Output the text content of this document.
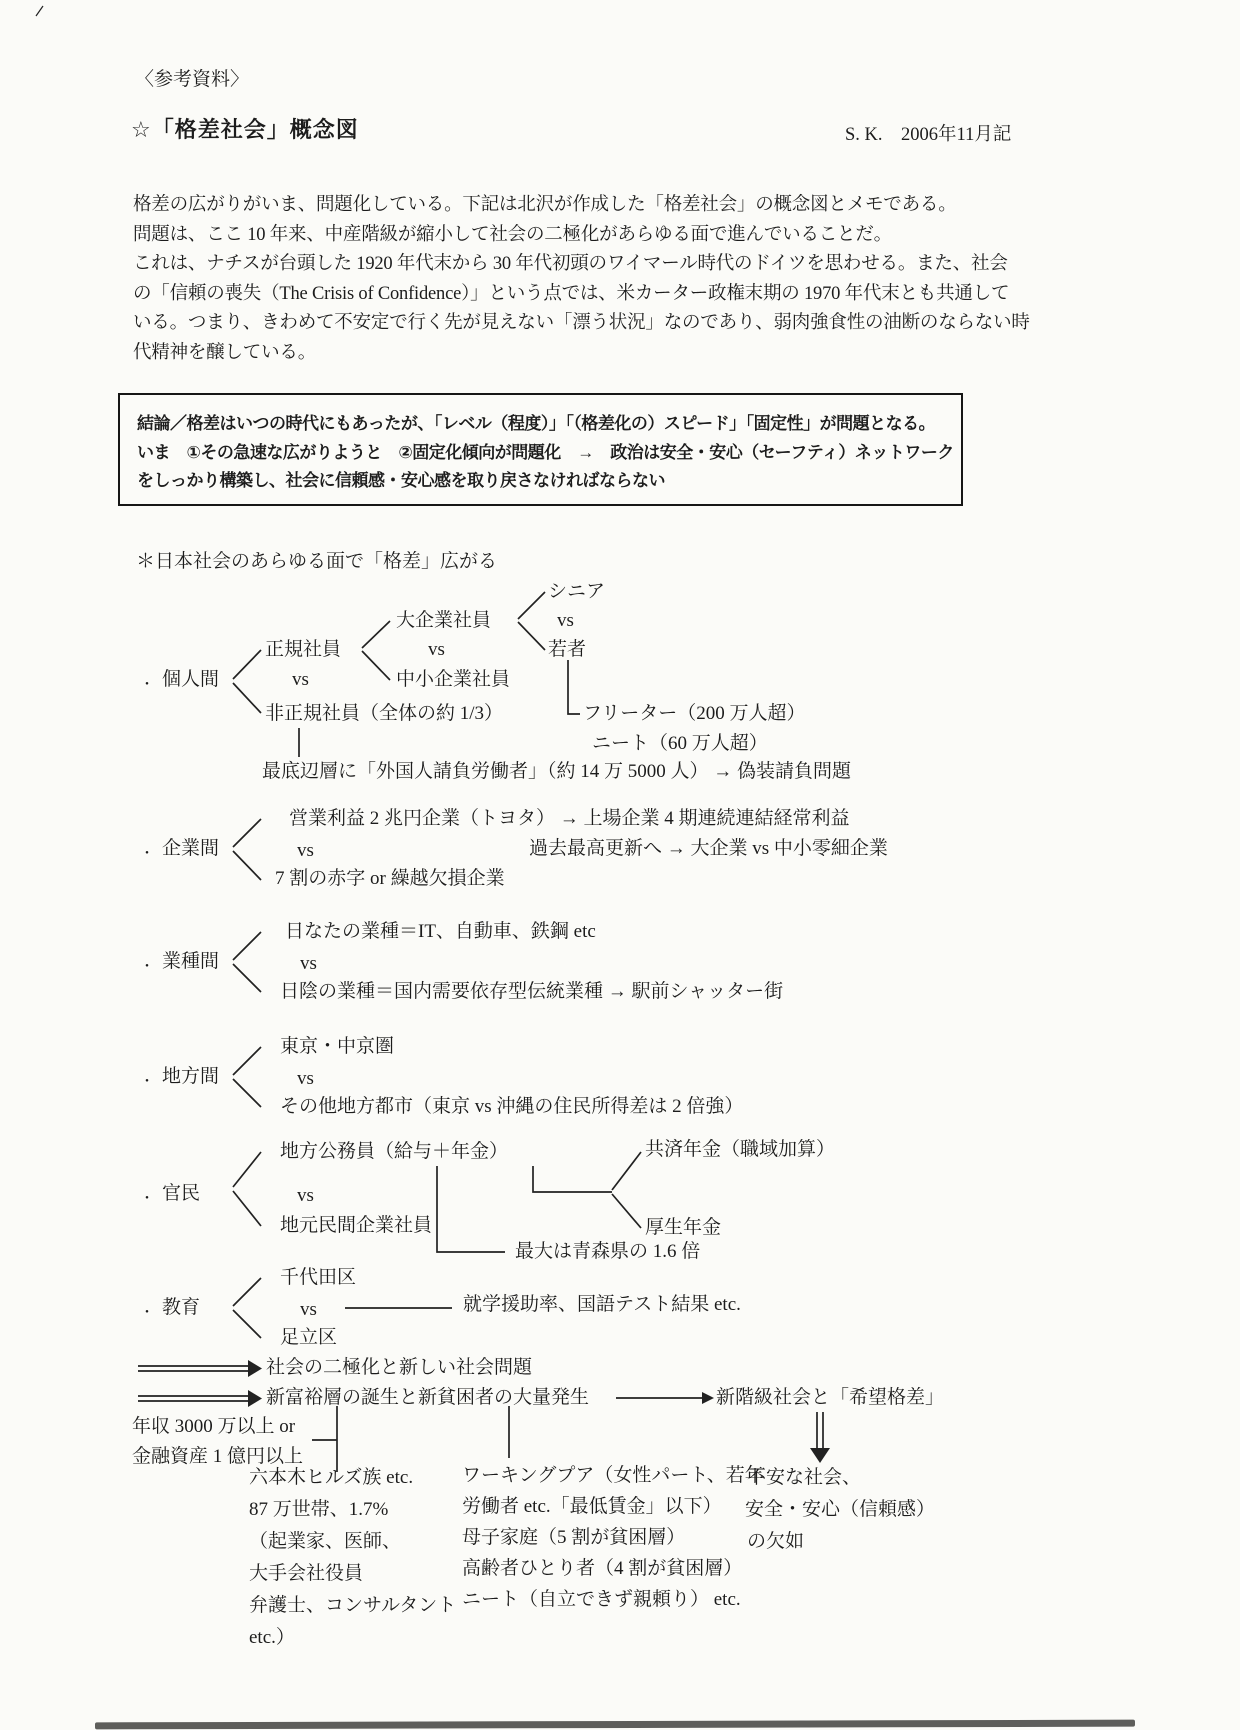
〈参考資料〉
☆「格差社会」概念図	S. K.　2006年11月記
格差の広がりがいま、問題化している。下記は北沢が作成した「格差社会」の概念図とメモである。
問題は、ここ 10 年来、中産階級が縮小して社会の二極化があらゆる面で進んでいることだ。
これは、ナチスが台頭した 1920 年代末から 30 年代初頭のワイマール時代のドイツを思わせる。また、社会
の「信頼の喪失（The Crisis of Confidence）」という点では、米カーター政権末期の 1970 年代末とも共通して
いる。つまり、きわめて不安定で行く先が見えない「漂う状況」なのであり、弱肉強食性の油断のならない時
代精神を醸している。
結論／格差はいつの時代にもあったが、「レベル（程度）」「（格差化の）スピード」「固定性」が問題となる。
いま　①その急速な広がりようと　②固定化傾向が問題化　→　政治は安全・安心（セーフティ）ネットワーク
をしっかり構築し、社会に信頼感・安心感を取り戻さなければならない
＊日本社会のあらゆる面で「格差」広がる
シニア
vs
若者
大企業社員
vs
中小企業社員
正規社員
vs
非正規社員（全体の約 1/3）
・ 個人間
フリーター（200 万人超）
ニート（60 万人超）
最底辺層に「外国人請負労働者」（約 14 万 5000 人） → 偽装請負問題
営業利益 2 兆円企業（トヨタ） → 上場企業 4 期連続連結経常利益
過去最高更新へ → 大企業 vs 中小零細企業
・ 企業間	vs
7 割の赤字 or 繰越欠損企業
日なたの業種＝IT、自動車、鉄鋼 etc
・ 業種間	vs
日陰の業種＝国内需要依存型伝統業種 → 駅前シャッター街
東京・中京圏
・ 地方間	vs
その他地方都市（東京 vs 沖縄の住民所得差は 2 倍強）
地方公務員（給与＋年金）	共済年金（職域加算）
・ 官民	vs
地元民間企業社員	厚生年金
最大は青森県の 1.6 倍
千代田区
・ 教育	vs	就学援助率、国語テスト結果 etc.
足立区
社会の二極化と新しい社会問題
新富裕層の誕生と新貧困者の大量発生	新階級社会と「希望格差」
年収 3000 万以上 or
金融資産 1 億円以上
六本木ヒルズ族 etc.
87 万世帯、1.7%
（起業家、医師、
大手会社役員
弁護士、コンサルタント
etc.）
ワーキングプア（女性パート、若年
労働者 etc.「最低賃金」以下）
母子家庭（5 割が貧困層）
高齢者ひとり者（4 割が貧困層）
ニート（自立できず親頼り） etc.
不安な社会、
安全・安心（信頼感）
の欠如
